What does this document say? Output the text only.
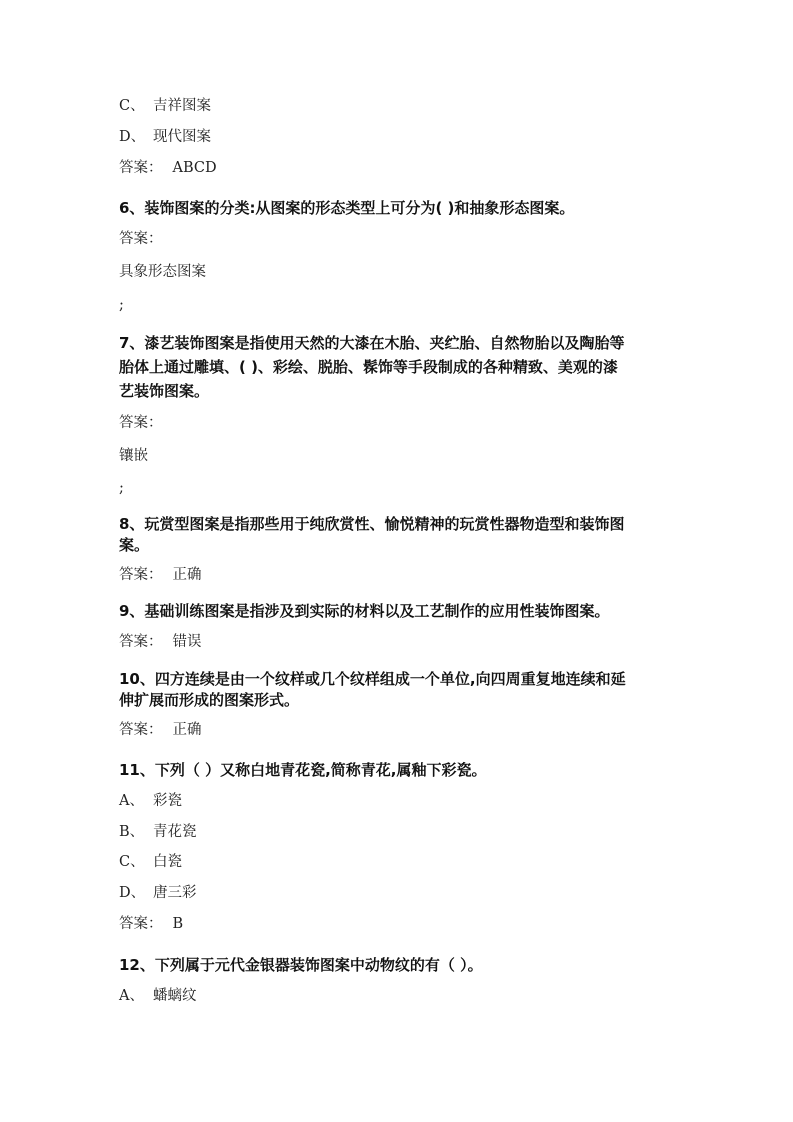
C、 吉祥图案
D、 现代图案
答案： ABCD
6、装饰图案的分类:从图案的形态类型上可分为( )和抽象形态图案。
答案：
具象形态图案
;
7、漆艺装饰图案是指使用天然的大漆在木胎、夹纻胎、自然物胎以及陶胎等
胎体上通过雕填、( )、彩绘、脱胎、髹饰等手段制成的各种精致、美观的漆
艺装饰图案。
答案：
镶嵌
;
8、玩赏型图案是指那些用于纯欣赏性、愉悦精神的玩赏性器物造型和装饰图
案。
答案： 正确
9、基础训练图案是指涉及到实际的材料以及工艺制作的应用性装饰图案。
答案： 错误
10、四方连续是由一个纹样或几个纹样组成一个单位,向四周重复地连续和延
伸扩展而形成的图案形式。
答案： 正确
11、下列（ ）又称白地青花瓷,简称青花,属釉下彩瓷。
A、 彩瓷
B、 青花瓷
C、 白瓷
D、 唐三彩
答案： B
12、下列属于元代金银器装饰图案中动物纹的有（ ）。
A、 蟠螭纹
